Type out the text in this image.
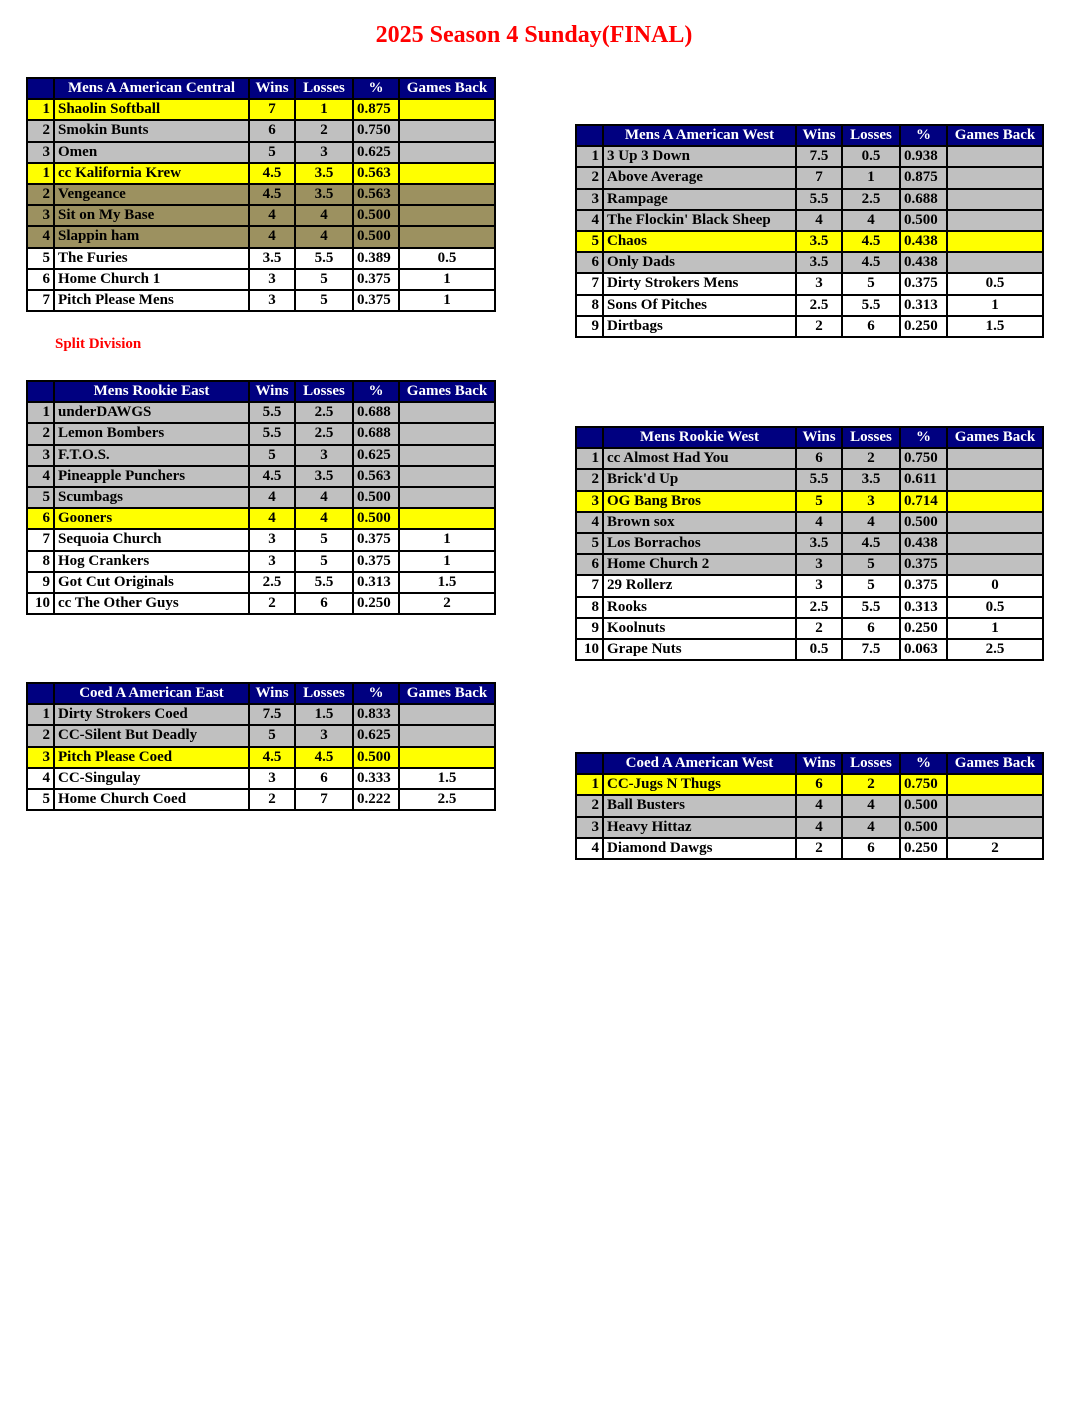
2025 Season 4 Sunday(FINAL)
	Mens A American Central	Wins	Losses	%	Games Back
1	Shaolin Softball	7	1	0.875	
2	Smokin Bunts	6	2	0.750	
3	Omen	5	3	0.625	
1	cc Kalifornia Krew	4.5	3.5	0.563	
2	Vengeance	4.5	3.5	0.563	
3	Sit on My Base	4	4	0.500	
4	Slappin ham	4	4	0.500	
5	The Furies	3.5	5.5	0.389	0.5
6	Home Church 1	3	5	0.375	1
7	Pitch Please Mens	3	5	0.375	1
Split Division
	Mens Rookie East	Wins	Losses	%	Games Back
1	underDAWGS	5.5	2.5	0.688	
2	Lemon Bombers	5.5	2.5	0.688	
3	F.T.O.S.	5	3	0.625	
4	Pineapple Punchers	4.5	3.5	0.563	
5	Scumbags	4	4	0.500	
6	Gooners	4	4	0.500	
7	Sequoia Church	3	5	0.375	1
8	Hog Crankers	3	5	0.375	1
9	Got Cut Originals	2.5	5.5	0.313	1.5
10	cc The Other Guys	2	6	0.250	2
	Coed A American East	Wins	Losses	%	Games Back
1	Dirty Strokers Coed	7.5	1.5	0.833	
2	CC-Silent But Deadly	5	3	0.625	
3	Pitch Please Coed	4.5	4.5	0.500	
4	CC-Singulay	3	6	0.333	1.5
5	Home Church Coed	2	7	0.222	2.5
	Mens A American West	Wins	Losses	%	Games Back
1	3 Up 3 Down	7.5	0.5	0.938	
2	Above Average	7	1	0.875	
3	Rampage	5.5	2.5	0.688	
4	The Flockin' Black Sheep	4	4	0.500	
5	Chaos	3.5	4.5	0.438	
6	Only Dads	3.5	4.5	0.438	
7	Dirty Strokers Mens	3	5	0.375	0.5
8	Sons Of Pitches	2.5	5.5	0.313	1
9	Dirtbags	2	6	0.250	1.5
	Mens Rookie West	Wins	Losses	%	Games Back
1	cc Almost Had You	6	2	0.750	
2	Brick'd Up	5.5	3.5	0.611	
3	OG Bang Bros	5	3	0.714	
4	Brown sox	4	4	0.500	
5	Los Borrachos	3.5	4.5	0.438	
6	Home Church 2	3	5	0.375	
7	29 Rollerz	3	5	0.375	0
8	Rooks	2.5	5.5	0.313	0.5
9	Koolnuts	2	6	0.250	1
10	Grape Nuts	0.5	7.5	0.063	2.5
	Coed A American West	Wins	Losses	%	Games Back
1	CC-Jugs N Thugs	6	2	0.750	
2	Ball Busters	4	4	0.500	
3	Heavy Hittaz	4	4	0.500	
4	Diamond Dawgs	2	6	0.250	2
